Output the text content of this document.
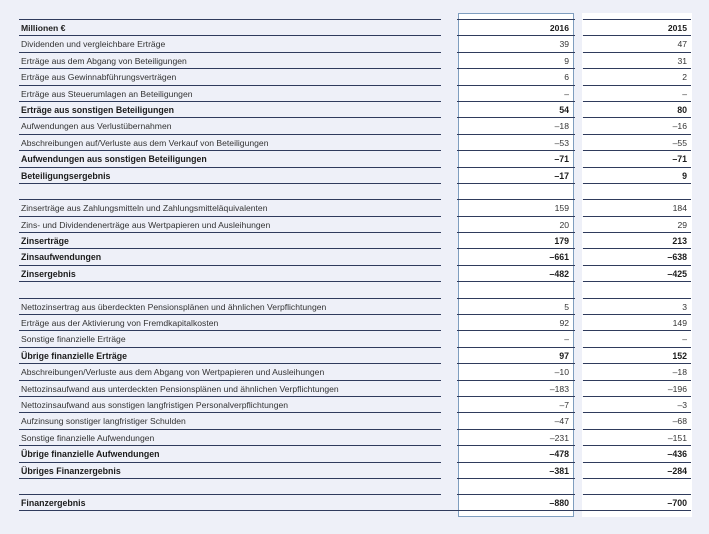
Millionen €	2016	2015
Dividenden und vergleichbare Erträge	39	47
Erträge aus dem Abgang von Beteiligungen	9	31
Erträge aus Gewinnabführungsverträgen	6	2
Erträge aus Steuerumlagen an Beteiligungen	–	–
Erträge aus sonstigen Beteiligungen	54	80
Aufwendungen aus Verlustübernahmen	–18	–16
Abschreibungen auf/Verluste aus dem Verkauf von Beteiligungen	–53	–55
Aufwendungen aus sonstigen Beteiligungen	–71	–71
Beteiligungsergebnis	–17	9
Zinserträge aus Zahlungsmitteln und Zahlungsmitteläquivalenten	159	184
Zins- und Dividendenerträge aus Wertpapieren und Ausleihungen	20	29
Zinserträge	179	213
Zinsaufwendungen	–661	–638
Zinsergebnis	–482	–425
Nettozinsertrag aus überdeckten Pensionsplänen und ähnlichen Verpflichtungen	5	3
Erträge aus der Aktivierung von Fremdkapitalkosten	92	149
Sonstige finanzielle Erträge	–	–
Übrige finanzielle Erträge	97	152
Abschreibungen/Verluste aus dem Abgang von Wertpapieren und Ausleihungen	–10	–18
Nettozinsaufwand aus unterdeckten Pensionsplänen und ähnlichen Verpflichtungen	–183	–196
Nettozinsaufwand aus sonstigen langfristigen Personalverpflichtungen	–7	–3
Aufzinsung sonstiger langfristiger Schulden	–47	–68
Sonstige finanzielle Aufwendungen	–231	–151
Übrige finanzielle Aufwendungen	–478	–436
Übriges Finanzergebnis	–381	–284
Finanzergebnis	–880	–700
